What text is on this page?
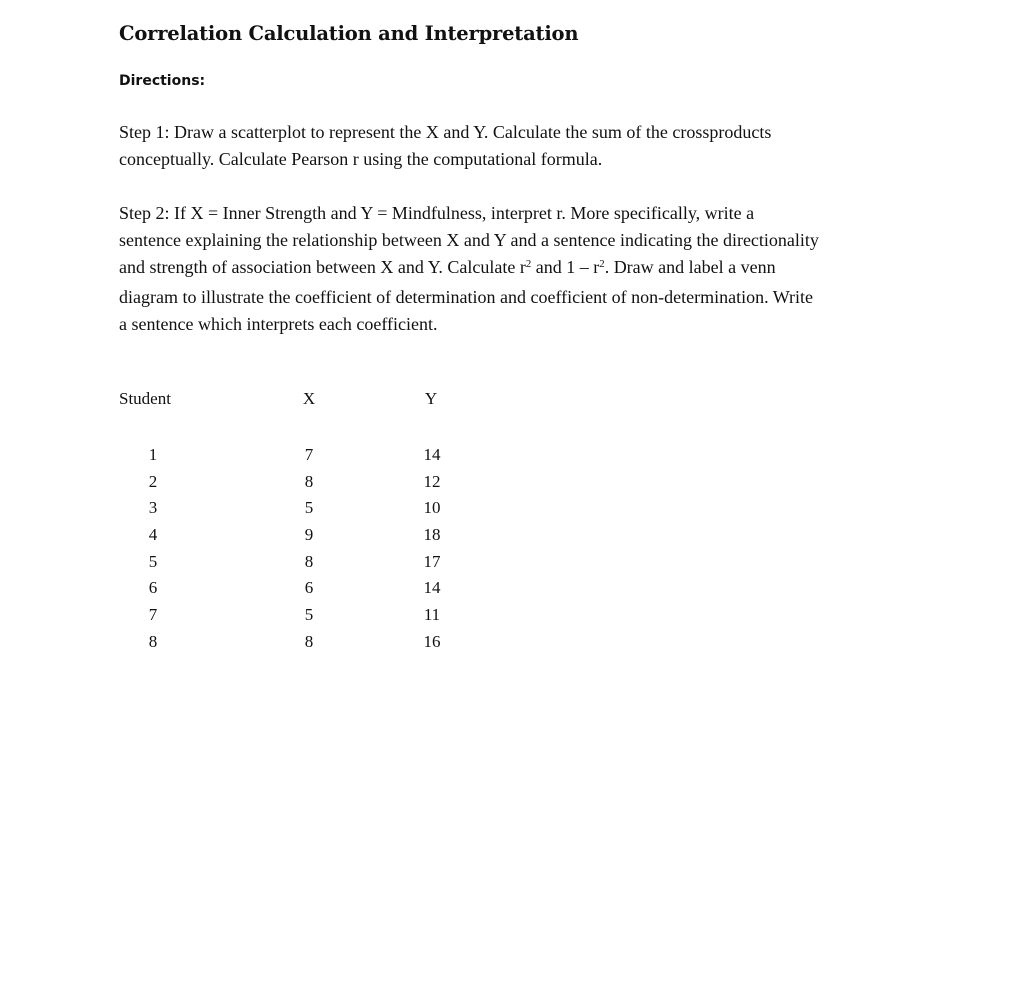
Correlation Calculation and Interpretation

Directions:

Step 1: Draw a scatterplot to represent the X and Y. Calculate the sum of the crossproducts
conceptually. Calculate Pearson r using the computational formula.

Step 2: If X = Inner Strength and Y = Mindfulness, interpret r. More specifically, write a
sentence explaining the relationship between X and Y and a sentence indicating the directionality
and strength of association between X and Y. Calculate $r^2$ and $1 - r^2$. Draw and label a venn
diagram to illustrate the coefficient of determination and coefficient of non-determination. Write
a sentence which interprets each coefficient.

Student	X	Y
1	7	14
2	8	12
3	5	10
4	9	18
5	8	17
6	6	14
7	5	11
8	8	16
